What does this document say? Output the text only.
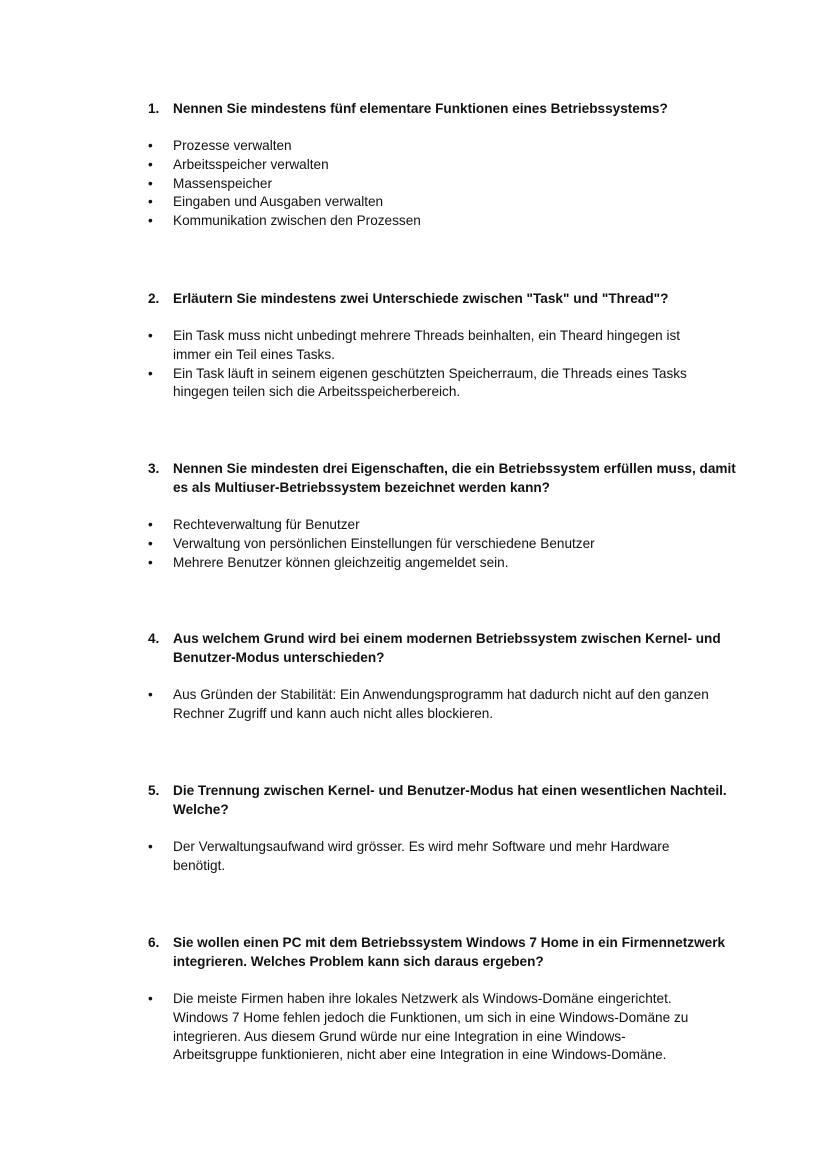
1. Nennen Sie mindestens fünf elementare Funktionen eines Betriebssystems?
• Prozesse verwalten
• Arbeitsspeicher verwalten
• Massenspeicher
• Eingaben und Ausgaben verwalten
• Kommunikation zwischen den Prozessen
2. Erläutern Sie mindestens zwei Unterschiede zwischen "Task" und "Thread"?
• Ein Task muss nicht unbedingt mehrere Threads beinhalten, ein Theard hingegen ist
immer ein Teil eines Tasks.
• Ein Task läuft in seinem eigenen geschützten Speicherraum, die Threads eines Tasks
hingegen teilen sich die Arbeitsspeicherbereich.
3. Nennen Sie mindesten drei Eigenschaften, die ein Betriebssystem erfüllen muss, damit
es als Multiuser-Betriebssystem bezeichnet werden kann?
• Rechteverwaltung für Benutzer
• Verwaltung von persönlichen Einstellungen für verschiedene Benutzer
• Mehrere Benutzer können gleichzeitig angemeldet sein.
4. Aus welchem Grund wird bei einem modernen Betriebssystem zwischen Kernel- und
Benutzer-Modus unterschieden?
• Aus Gründen der Stabilität: Ein Anwendungsprogramm hat dadurch nicht auf den ganzen
Rechner Zugriff und kann auch nicht alles blockieren.
5. Die Trennung zwischen Kernel- und Benutzer-Modus hat einen wesentlichen Nachteil.
Welche?
• Der Verwaltungsaufwand wird grösser. Es wird mehr Software und mehr Hardware
benötigt.
6. Sie wollen einen PC mit dem Betriebssystem Windows 7 Home in ein Firmennetzwerk
integrieren. Welches Problem kann sich daraus ergeben?
• Die meiste Firmen haben ihre lokales Netzwerk als Windows-Domäne eingerichtet.
Windows 7 Home fehlen jedoch die Funktionen, um sich in eine Windows-Domäne zu
integrieren. Aus diesem Grund würde nur eine Integration in eine Windows-
Arbeitsgruppe funktionieren, nicht aber eine Integration in eine Windows-Domäne.
